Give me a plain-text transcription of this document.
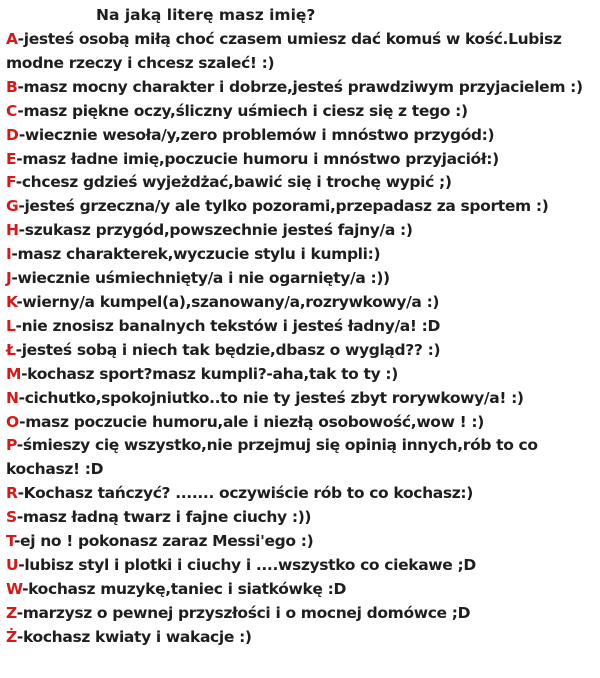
Na jaką literę masz imię?
A-jesteś osobą miłą choć czasem umiesz dać komuś w kość.Lubisz modne rzeczy i chcesz szaleć! :)
B-masz mocny charakter i dobrze,jesteś prawdziwym przyjacielem :)
C-masz piękne oczy,śliczny uśmiech i ciesz się z tego :)
D-wiecznie wesoła/y,zero problemów i mnóstwo przygód:)
E-masz ładne imię,poczucie humoru i mnóstwo przyjaciół:)
F-chcesz gdzieś wyjeżdżać,bawić się i trochę wypić ;)
G-jesteś grzeczna/y ale tylko pozorami,przepadasz za sportem :)
H-szukasz przygód,powszechnie jesteś fajny/a :)
I-masz charakterek,wyczucie stylu i kumpli:)
J-wiecznie uśmiechnięty/a i nie ogarnięty/a :))
K-wierny/a kumpel(a),szanowany/a,rozrywkowy/a :)
L-nie znosisz banalnych tekstów i jesteś ładny/a! :D
Ł-jesteś sobą i niech tak będzie,dbasz o wygląd?? :)
M-kochasz sport?masz kumpli?-aha,tak to ty :)
N-cichutko,spokojniutko..to nie ty jesteś zbyt rorywkowy/a! :)
O-masz poczucie humoru,ale i niezłą osobowość,wow ! :)
P-śmieszy cię wszystko,nie przejmuj się opinią innych,rób to co kochasz! :D
R-Kochasz tańczyć? ....... oczywiście rób to co kochasz:)
S-masz ładną twarz i fajne ciuchy :))
T-ej no ! pokonasz zaraz Messi'ego :)
U-lubisz styl i plotki i ciuchy i ....wszystko co ciekawe ;D
W-kochasz muzykę,taniec i siatkówkę :D
Z-marzysz o pewnej przyszłości i o mocnej domówce ;D
Ż-kochasz kwiaty i wakacje :)
